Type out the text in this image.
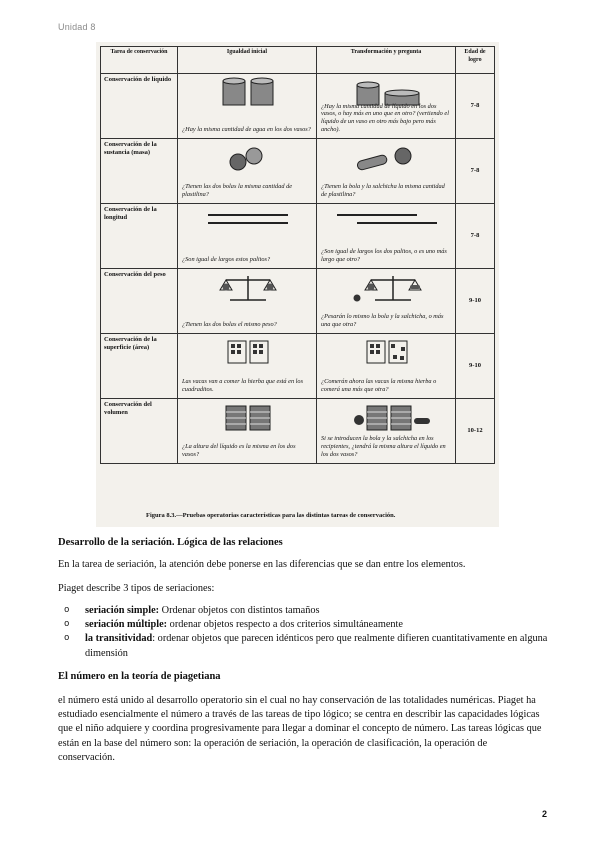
Unidad 8
Tarea de conservación	Igualdad inicial	Transformación y pregunta	Edad de logro
Conservación de líquido	¿Hay la misma cantidad de agua en los dos vasos?	¿Hay la misma cantidad de líquido en los dos vasos, o hay más en uno que en otro? (vertiendo el líquido de un vaso en otro más bajo pero más ancho).	7-8
Conservación de la sustancia (masa)	¿Tienen las dos bolas la misma cantidad de plastilina?	¿Tienen la bola y la salchicha la misma cantidad de plastilina?	7-8
Conservación de la longitud	¿Son igual de largos estos palitos?	¿Son igual de largos los dos palitos, o es uno más largo que otro?	7-8
Conservación del peso	¿Tienen las dos bolas el mismo peso?	¿Pesarán lo mismo la bola y la salchicha, o más una que otra?	9-10
Conservación de la superficie (área)	Las vacas van a comer la hierba que está en los cuadraditos.	¿Comerán ahora las vacas la misma hierba o comerá una más que otra?	9-10
Conservación del volumen	¿La altura del líquido es la misma en los dos vasos?	Si se introducen la bola y la salchicha en los recipientes, ¿tendrá la misma altura el líquido en los dos vasos?	10-12
Figura 8.3.—Pruebas operatorias características para las distintas tareas de conservación.
Desarrollo de la seriación. Lógica de las relaciones
En la tarea de seriación, la atención debe ponerse en las diferencias que se dan entre los elementos.
Piaget describe 3 tipos de seriaciones:
o seriación simple: Ordenar objetos con distintos tamaños
o seriación múltiple: ordenar objetos respecto a dos criterios simultáneamente
o la transitividad: ordenar objetos que parecen idénticos pero que realmente difieren cuantitativamente en alguna dimensión
El número en la teoría de piagetiana
el número está unido al desarrollo operatorio sin el cual no hay conservación de las totalidades numéricas. Piaget ha estudiado esencialmente el número a través de las tareas de tipo lógico; se centra en describir las capacidades lógicas que el niño adquiere y coordina progresivamente para llegar a dominar el concepto de número. Las tareas lógicas que están en la base del número son: la operación de seriación, la operación de clasificación, la operación de conservación.
2
